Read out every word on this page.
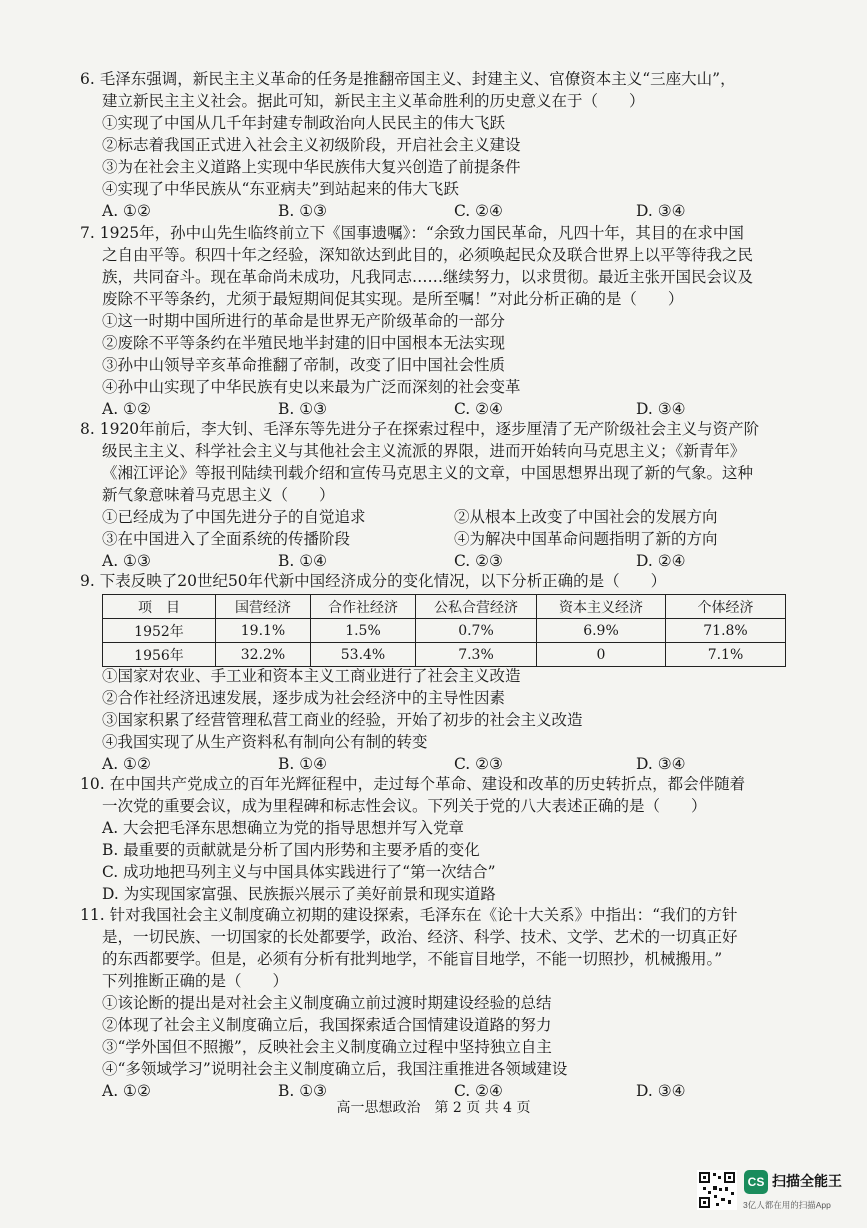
6. 毛泽东强调，新民主主义革命的任务是推翻帝国主义、封建主义、官僚资本主义“三座大山”，
建立新民主主义社会。据此可知，新民主主义革命胜利的历史意义在于（　　）
①实现了中国从几千年封建专制政治向人民民主的伟大飞跃
②标志着我国正式进入社会主义初级阶段，开启社会主义建设
③为在社会主义道路上实现中华民族伟大复兴创造了前提条件
④实现了中华民族从“东亚病夫”到站起来的伟大飞跃
A. ①②	B. ①③	C. ②④	D. ③④
7. 1925年，孙中山先生临终前立下《国事遗嘱》：“余致力国民革命，凡四十年，其目的在求中国
之自由平等。积四十年之经验，深知欲达到此目的，必须唤起民众及联合世界上以平等待我之民
族，共同奋斗。现在革命尚未成功，凡我同志……继续努力，以求贯彻。最近主张开国民会议及
废除不平等条约，尤须于最短期间促其实现。是所至嘱！”对此分析正确的是（　　）
①这一时期中国所进行的革命是世界无产阶级革命的一部分
②废除不平等条约在半殖民地半封建的旧中国根本无法实现
③孙中山领导辛亥革命推翻了帝制，改变了旧中国社会性质
④孙中山实现了中华民族有史以来最为广泛而深刻的社会变革
A. ①②	B. ①③	C. ②④	D. ③④
8. 1920年前后，李大钊、毛泽东等先进分子在探索过程中，逐步厘清了无产阶级社会主义与资产阶
级民主主义、科学社会主义与其他社会主义流派的界限，进而开始转向马克思主义；《新青年》
《湘江评论》等报刊陆续刊载介绍和宣传马克思主义的文章，中国思想界出现了新的气象。这种
新气象意味着马克思主义（　　）
①已经成为了中国先进分子的自觉追求	②从根本上改变了中国社会的发展方向
③在中国进入了全面系统的传播阶段	④为解决中国革命问题指明了新的方向
A. ①③	B. ①④	C. ②③	D. ②④
9. 下表反映了20世纪50年代新中国经济成分的变化情况，以下分析正确的是（　　）
项　目	国营经济	合作社经济	公私合营经济	资本主义经济	个体经济
1952年	19.1%	1.5%	0.7%	6.9%	71.8%
1956年	32.2%	53.4%	7.3%	0	7.1%
①国家对农业、手工业和资本主义工商业进行了社会主义改造
②合作社经济迅速发展，逐步成为社会经济中的主导性因素
③国家积累了经营管理私营工商业的经验，开始了初步的社会主义改造
④我国实现了从生产资料私有制向公有制的转变
A. ①②	B. ①④	C. ②③	D. ③④
10. 在中国共产党成立的百年光辉征程中，走过每个革命、建设和改革的历史转折点，都会伴随着
一次党的重要会议，成为里程碑和标志性会议。下列关于党的八大表述正确的是（　　）
A. 大会把毛泽东思想确立为党的指导思想并写入党章
B. 最重要的贡献就是分析了国内形势和主要矛盾的变化
C. 成功地把马列主义与中国具体实践进行了“第一次结合”
D. 为实现国家富强、民族振兴展示了美好前景和现实道路
11. 针对我国社会主义制度确立初期的建设探索，毛泽东在《论十大关系》中指出：“我们的方针
是，一切民族、一切国家的长处都要学，政治、经济、科学、技术、文学、艺术的一切真正好
的东西都要学。但是，必须有分析有批判地学，不能盲目地学，不能一切照抄，机械搬用。”
下列推断正确的是（　　）
①该论断的提出是对社会主义制度确立前过渡时期建设经验的总结
②体现了社会主义制度确立后，我国探索适合国情建设道路的努力
③“学外国但不照搬”，反映社会主义制度确立过程中坚持独立自主
④“多领域学习”说明社会主义制度确立后，我国注重推进各领域建设
A. ①②	B. ①③	C. ②④	D. ③④
高一思想政治　第 2 页 共 4 页
CS 扫描全能王
3亿人都在用的扫描App
